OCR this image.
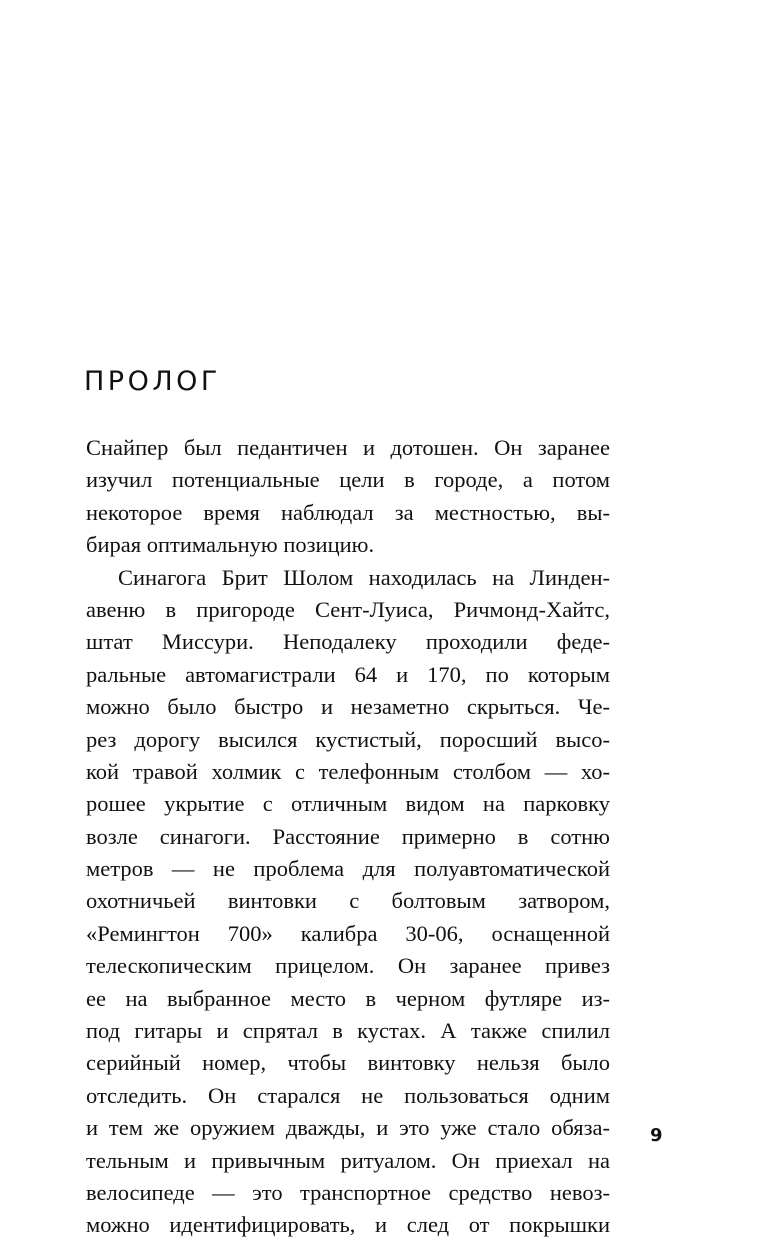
ПРОЛОГ
Снайпер был педантичен и дотошен. Он заранее
изучил потенциальные цели в городе, а потом
некоторое время наблюдал за местностью, вы-
бирая оптимальную позицию.
Синагога Брит Шолом находилась на Линден-
авеню в пригороде Сент-Луиса, Ричмонд-Хайтс,
штат Миссури. Неподалеку проходили феде-
ральные автомагистрали 64 и 170, по которым
можно было быстро и незаметно скрыться. Че-
рез дорогу высился кустистый, поросший высо-
кой травой холмик с телефонным столбом — хо-
рошее укрытие с отличным видом на парковку
возле синагоги. Расстояние примерно в сотню
метров — не проблема для полуавтоматической
охотничьей винтовки с болтовым затвором,
«Ремингтон 700» калибра 30-06, оснащенной
телескопическим прицелом. Он заранее привез
ее на выбранное место в черном футляре из-
под гитары и спрятал в кустах. А также спилил
серийный номер, чтобы винтовку нельзя было
отследить. Он старался не пользоваться одним
и тем же оружием дважды, и это уже стало обяза-
тельным и привычным ритуалом. Он приехал на
велосипеде — это транспортное средство невоз-
можно идентифицировать, и след от покрышки
9
